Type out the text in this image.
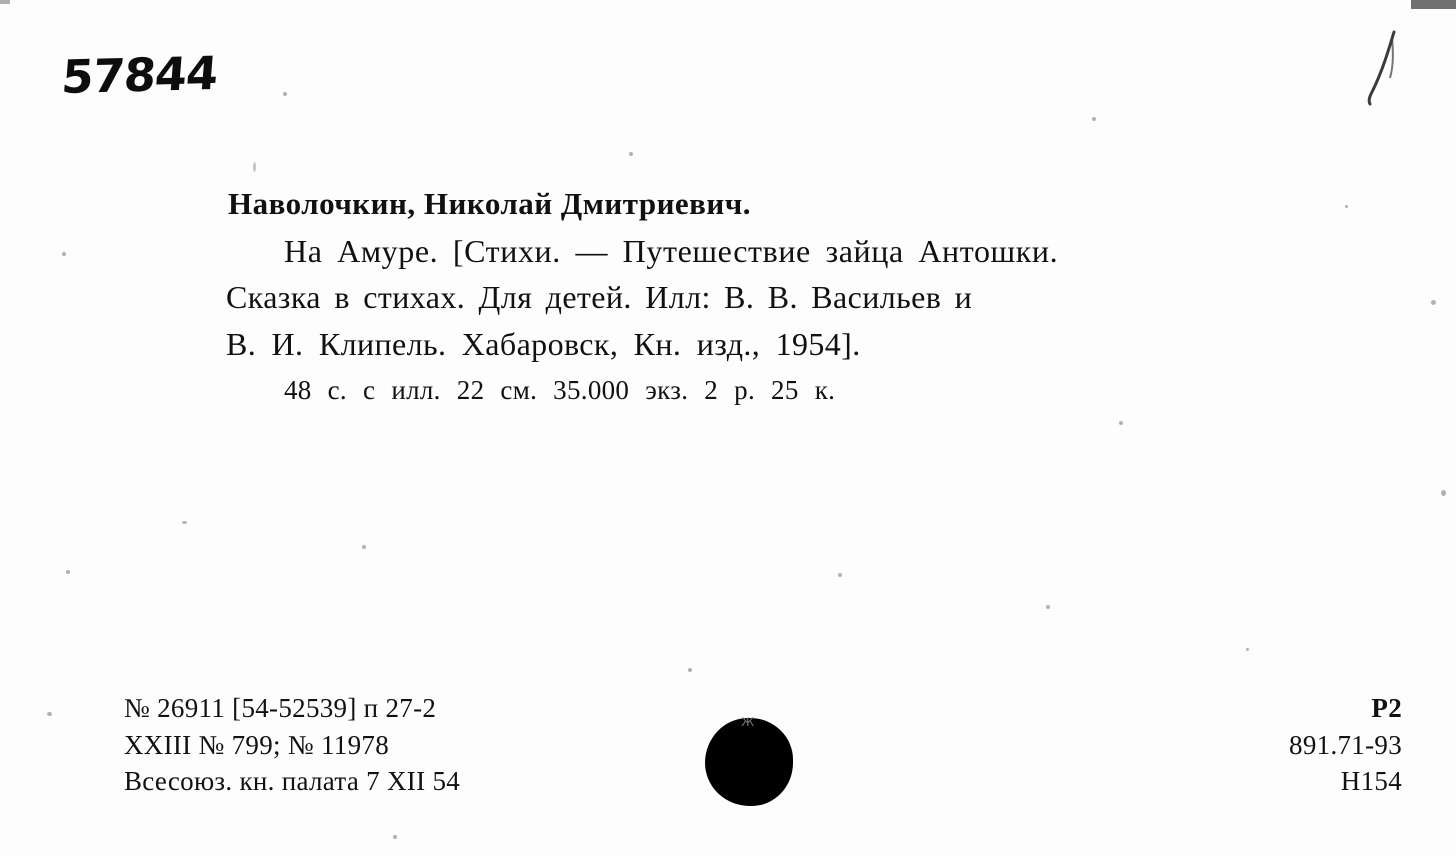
57844
Наволочкин, Николай Дмитриевич.
На Амуре. [Стихи. — Путешествие зайца Антошки.
Сказка в стихах. Для детей. Илл: В. В. Васильев и
В. И. Клипель. Хабаровск, Кн. изд., 1954].
48 с. с илл. 22 см. 35.000 экз. 2 р. 25 к.
№ 26911 [54-52539] п 27-2
XXIII № 799; № 11978
Всесоюз. кн. палата 7 XII 54
ж	Р2
891.71-93
Н154
